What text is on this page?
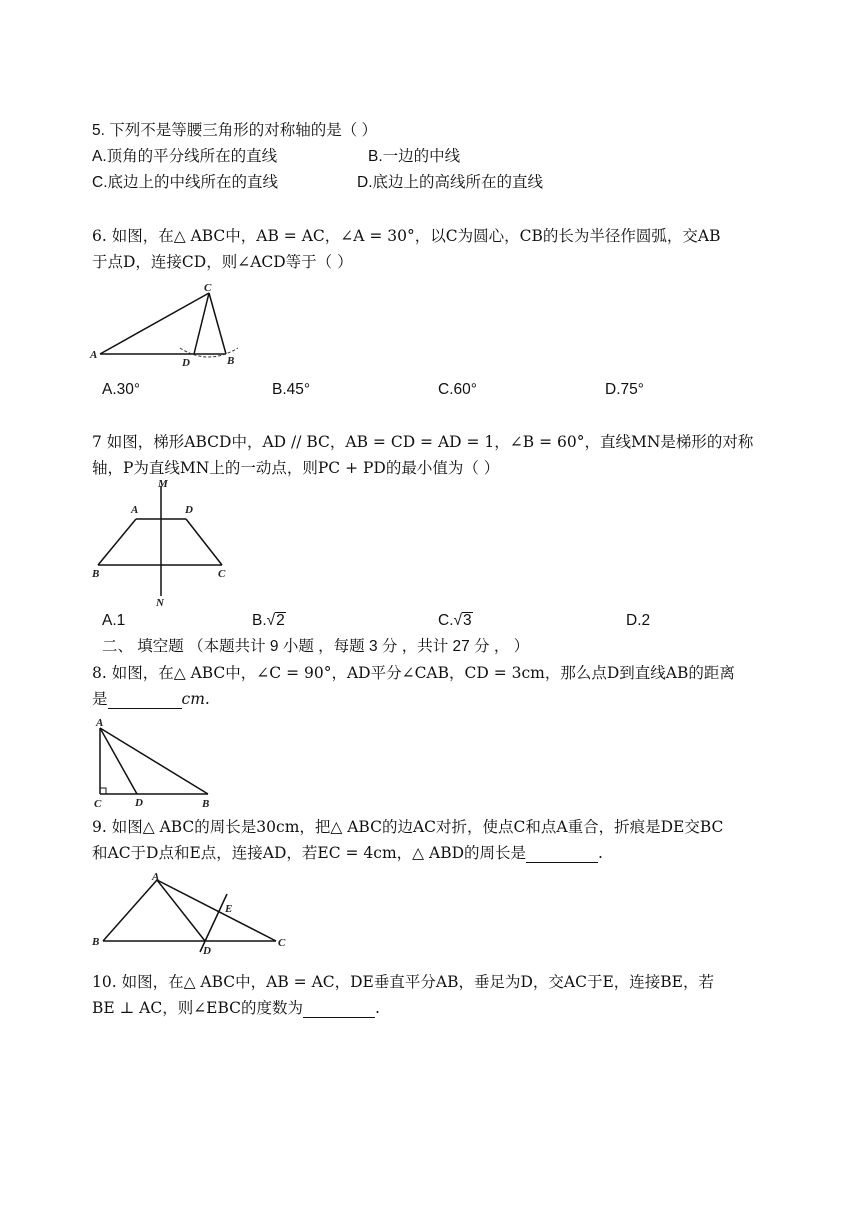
5. 下列不是等腰三角形的对称轴的是（ ）
A.顶角的平分线所在的直线	B.一边的中线
C.底边上的中线所在的直线	D.底边上的高线所在的直线
6. 如图，在△ ABC中，AB = AC，∠A = 30°，以C为圆心，CB的长为半径作圆弧，交AB
于点D，连接CD，则∠ACD等于（ ）
A	B
C
D
A.30°	B.45°	C.60°	D.75°
7 如图，梯形ABCD中，AD // BC，AB = CD = AD = 1，∠B = 60°，直线MN是梯形的对称
轴，P为直线MN上的一动点，则PC + PD的最小值为（ ）
M
N
A	D
B	C
A.1	B.√2	C.√3	D.2
二、 填空题 （本题共计 9 小题 ，每题 3 分 ，共计 27 分 ， ）
8. 如图，在△ ABC中，∠C = 90°，AD平分∠CAB，CD = 3cm，那么点D到直线AB的距离
是	cm.
A
C	D	B
9. 如图△ ABC的周长是30cm，把△ ABC的边AC对折，使点C和点A重合，折痕是DE交BC
和AC于D点和E点，连接AD，若EC = 4cm，△ ABD的周长是	.
A
E
B
D
C
10. 如图，在△ ABC中，AB = AC，DE垂直平分AB，垂足为D，交AC于E，连接BE，若
BE ⊥ AC，则∠EBC的度数为	.
